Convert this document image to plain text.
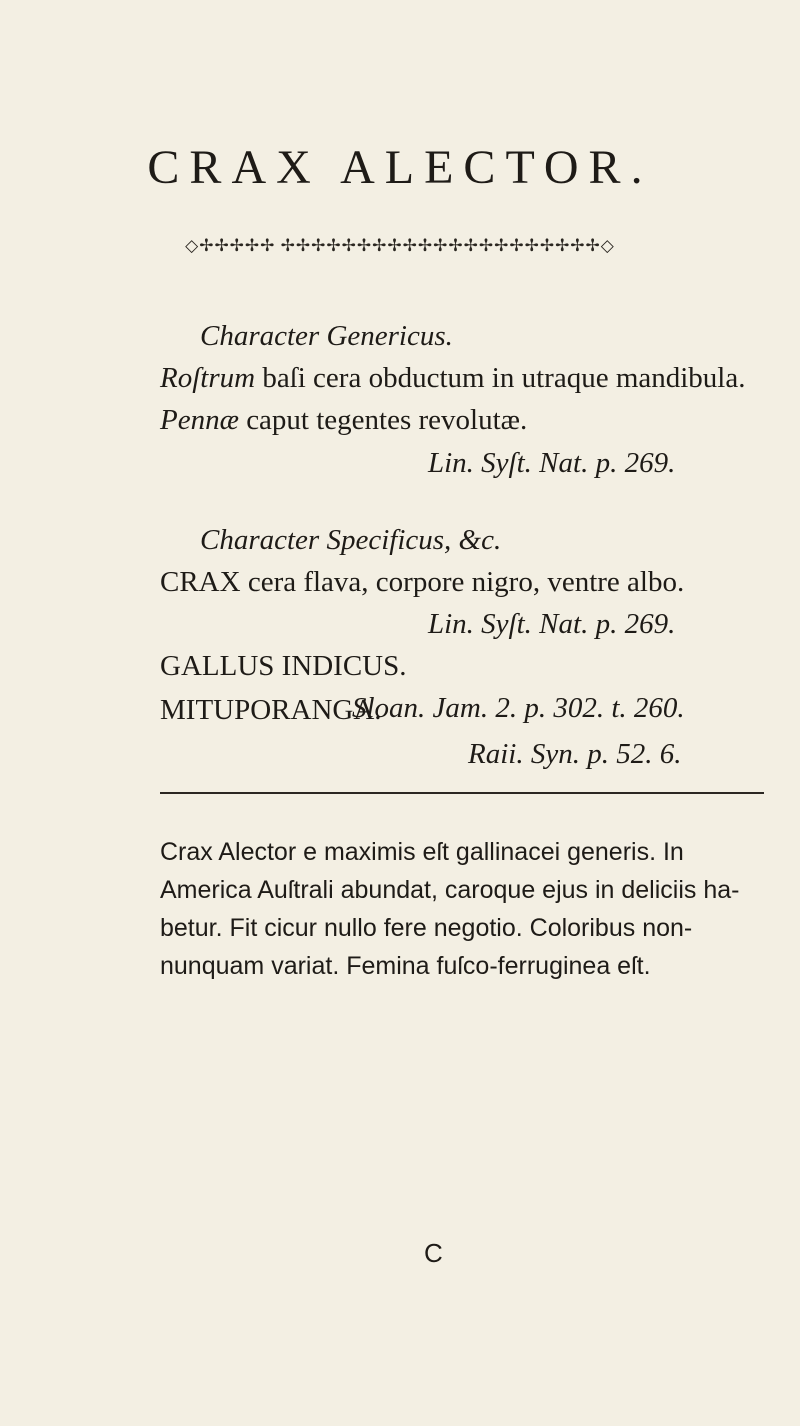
CRAX ALECTOR.
◇✢✢✢✢✢ ✢✢✢✢✢✢✢✢✢✢✢✢✢✢✢✢✢✢✢✢✢◇
Character Genericus.
Roſtrum baſi cera obductum in utraque mandibula.
Pennæ caput tegentes revolutæ.
Lin. Syſt. Nat. p. 269.
Character Specificus, &c.
CRAX cera flava, corpore nigro, ventre albo.
Lin. Syſt. Nat. p. 269.
GALLUS INDICUS.
Sloan. Jam. 2. p. 302. t. 260.
MITUPORANGA.
Raii. Syn. p. 52. 6.
Crax Alector e maximis eſt gallinacei generis. In
America Auſtrali abundat, caroque ejus in deliciis ha-
betur. Fit cicur nullo fere negotio. Coloribus non-
nunquam variat. Femina fuſco-ferruginea eſt.
C
